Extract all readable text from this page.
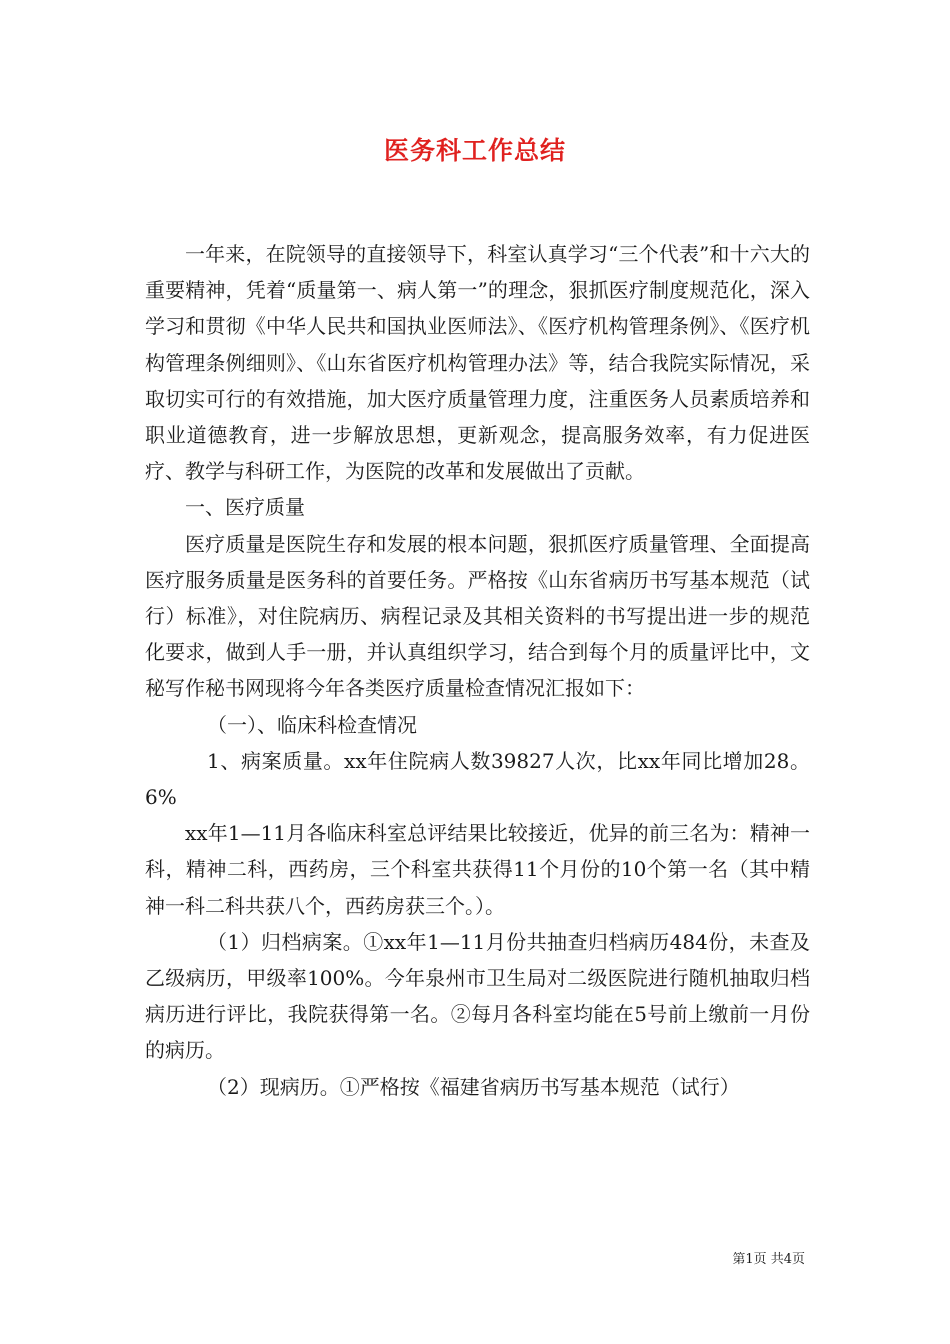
医务科工作总结

一年来，在院领导的直接领导下，科室认真学习“三个代表”和十六大的重要精神，凭着“质量第一、病人第一”的理念，狠抓医疗制度规范化，深入学习和贯彻《中华人民共和国执业医师法》、《医疗机构管理条例》、《医疗机构管理条例细则》、《山东省医疗机构管理办法》等，结合我院实际情况，采取切实可行的有效措施，加大医疗质量管理力度，注重医务人员素质培养和职业道德教育，进一步解放思想，更新观念，提高服务效率，有力促进医疗、教学与科研工作，为医院的改革和发展做出了贡献。

一、医疗质量

医疗质量是医院生存和发展的根本问题，狠抓医疗质量管理、全面提高医疗服务质量是医务科的首要任务。严格按《山东省病历书写基本规范（试行）标准》，对住院病历、病程记录及其相关资料的书写提出进一步的规范化要求，做到人手一册，并认真组织学习，结合到每个月的质量评比中，文秘写作秘书网现将今年各类医疗质量检查情况汇报如下：

（一）、临床科检查情况

1、病案质量。xx年住院病人数39827人次，比xx年同比增加28。6%

xx年1—11月各临床科室总评结果比较接近，优异的前三名为：精神一科，精神二科，西药房，三个科室共获得11个月份的10个第一名（其中精神一科二科共获八个，西药房获三个。）。

（1）归档病案。①xx年1—11月份共抽查归档病历484份，未查及乙级病历，甲级率100%。今年泉州市卫生局对二级医院进行随机抽取归档病历进行评比，我院获得第一名。②每月各科室均能在5号前上缴前一月份的病历。

（2）现病历。①严格按《福建省病历书写基本规范（试行）

第1页 共4页
